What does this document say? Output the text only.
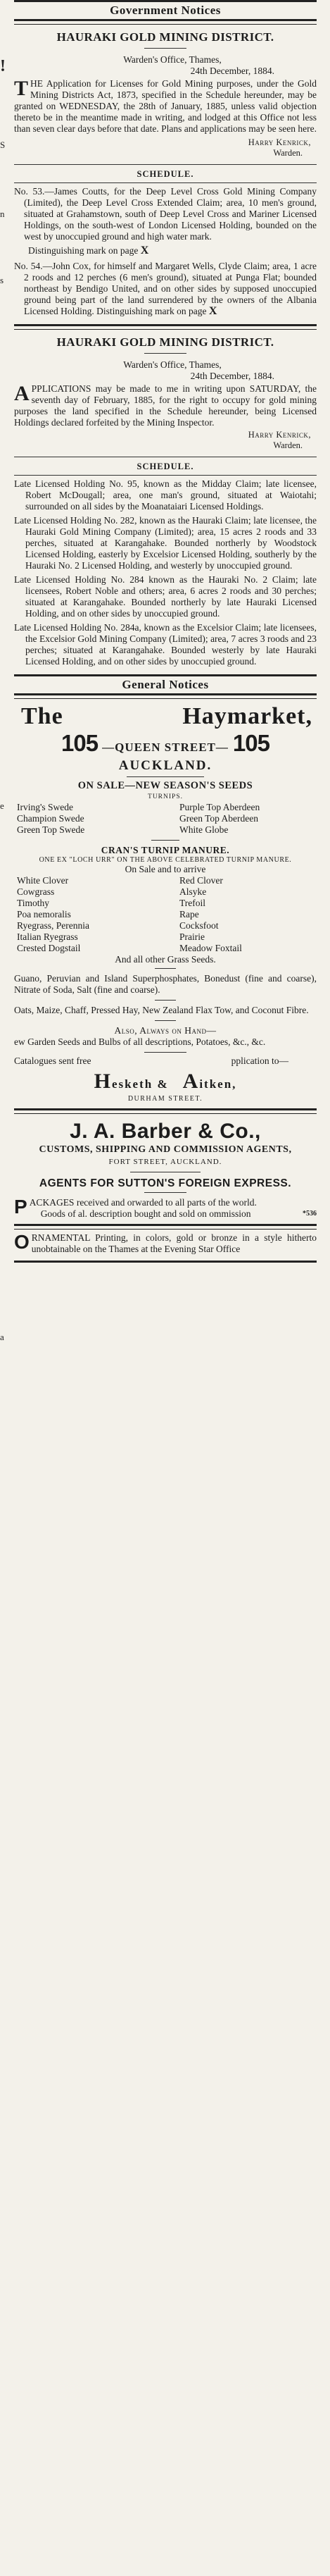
!
S
n
s
e
a
Government Notices
HAURAKI GOLD MINING DISTRICT.

Warden's Office, Thames,

24th December, 1884.

THE Application for Licenses for Gold Mining purposes, under the Gold Mining Districts Act, 1873, specified in the Schedule hereunder, may be granted on WEDNESDAY, the 28th of January, 1885, unless valid objection thereto be in the meantime made in writing, and lodged at this Office not less than seven clear days before that date. Plans and applications may be seen here.

Harry Kenrick,

Warden.

SCHEDULE.

No. 53.—James Coutts, for the Deep Level Cross Gold Mining Company (Limited), the Deep Level Cross Extended Claim; area, 10 men's ground, situated at Grahamstown, south of Deep Level Cross and Mariner Licensed Holdings, on the south-west of London Licensed Holding, bounded on the west by unoccupied ground and high water mark.

Distinguishing mark on page X

No. 54.—John Cox, for himself and Margaret Wells, Clyde Claim; area, 1 acre 2 roods and 12 perches (6 men's ground), situated at Punga Flat; bounded northeast by Bendigo United, and on other sides by supposed unoccupied ground being part of the land surrendered by the owners of the Albania Licensed Holding. Distinguishing mark on page X

HAURAKI GOLD MINING DISTRICT.

Warden's Office, Thames,

24th December, 1884.

APPLICATIONS may be made to me in writing upon SATURDAY, the seventh day of February, 1885, for the right to occupy for gold mining purposes the land specified in the Schedule hereunder, being Licensed Holdings declared forfeited by the Mining Inspector.

Harry Kenrick,

Warden.

SCHEDULE.

Late Licensed Holding No. 95, known as the Midday Claim; late licensee, Robert McDougall; area, one man's ground, situated at Waiotahi; surrounded on all sides by the Moanataiari Licensed Holdings.

Late Licensed Holding No. 282, known as the Hauraki Claim; late licensee, the Hauraki Gold Mining Company (Limited); area, 15 acres 2 roods and 33 perches, situated at Karangahake. Bounded northerly by Woodstock Licensed Holding, easterly by Excelsior Licensed Holding, southerly by the Hauraki No. 2 Licensed Holding, and westerly by unoccupied ground.

Late Licensed Holding No. 284 known as the Hauraki No. 2 Claim; late licensees, Robert Noble and others; area, 6 acres 2 roods and 30 perches; situated at Karangahake. Bounded northerly by late Hauraki Licensed Holding, and on other sides by unoccupied ground.

Late Licensed Holding No. 284a, known as the Excelsior Claim; late licensees, the Excelsior Gold Mining Company (Limited); area, 7 acres 3 roods and 23 perches; situated at Karangahake. Bounded westerly by late Hauraki Licensed Holding, and on other sides by unoccupied ground.

General Notices
The	Haymarket,
105 —QUEEN STREET— 105
AUCKLAND.

ON SALE—NEW SEASON'S SEEDS

TURNIPS.

Irving's Swede	Purple Top Aberdeen
Champion Swede	Green Top Aberdeen
Green Top Swede	White Globe

CRAN'S TURNIP MANURE.

ONE EX "LOCH URR" ON THE ABOVE CELEBRATED TURNIP MANURE.

On Sale and to arrive

White Clover	Red Clover
Cowgrass	Alsyke
Timothy	Trefoil
Poa nemoralis	Rape
Ryegrass, Perennia	Cocksfoot
Italian Ryegrass	Prairie
Crested Dogstail	Meadow Foxtail

And all other Grass Seeds.

Guano, Peruvian and Island Superphosphates, Bonedust (fine and coarse), Nitrate of Soda, Salt (fine and coarse).

Oats, Maize, Chaff, Pressed Hay, New Zealand Flax Tow, and Coconut Fibre.

Also, Always on Hand—

ew Garden Seeds and Bulbs of all descriptions, Potatoes, &c., &c.

Catalogues sent free	pplication to—
H esketh & A itken,

DURHAM STREET.

J. A. Barber & Co.,

CUSTOMS, SHIPPING AND COMMISSION AGENTS,

FORT STREET, AUCKLAND.

AGENTS FOR SUTTON'S FOREIGN EXPRESS.

PACKAGES received and orwarded to all parts of the world.

Goods of al. description bought and sold on ommission	*536

ORNAMENTAL Printing, in colors, gold or bronze in a style hitherto unobtainable on the Thames at the Evening Star Office
